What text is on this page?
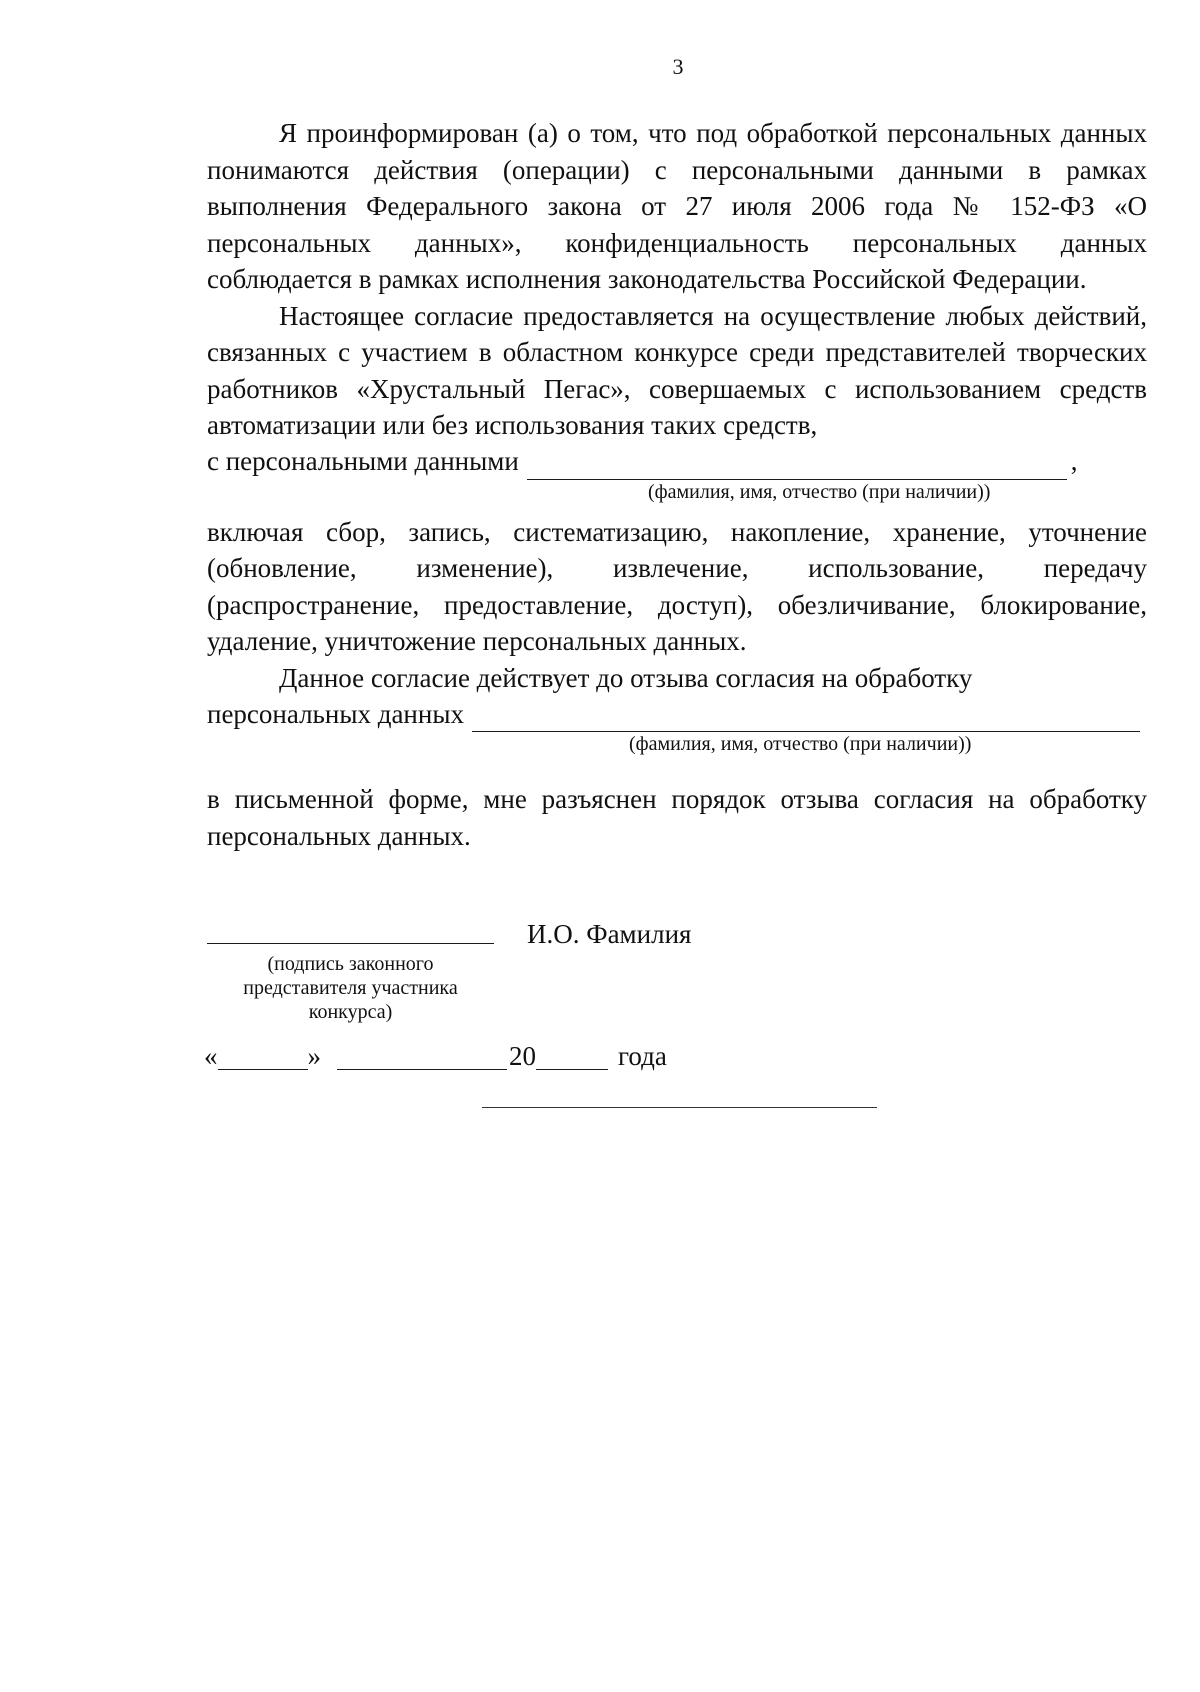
3

Я проинформирован (а) о том, что под обработкой персональных данных понимаются действия (операции) с персональными данными в рамках выполнения Федерального закона от 27 июля 2006 года № 152-ФЗ «О персональных данных», конфиденциальность персональных данных соблюдается в рамках исполнения законодательства Российской Федерации.

Настоящее согласие предоставляется на осуществление любых действий, связанных с участием в областном конкурсе среди представителей творческих работников «Хрустальный Пегас», совершаемых с использованием средств автоматизации или без использования таких средств,

с персональными данными	,
(фамилия, имя, отчество (при наличии))

включая сбор, запись, систематизацию, накопление, хранение, уточнение (обновление, изменение), извлечение, использование, передачу (распространение, предоставление, доступ), обезличивание, блокирование, удаление, уничтожение персональных данных.

Данное согласие действует до отзыва согласия на обработку

персональных данных
(фамилия, имя, отчество (при наличии))

в письменной форме, мне разъяснен порядок отзыва согласия на обработку персональных данных.

(подпись законного представителя участника конкурса)
И.О. Фамилия
«	»	20	года
